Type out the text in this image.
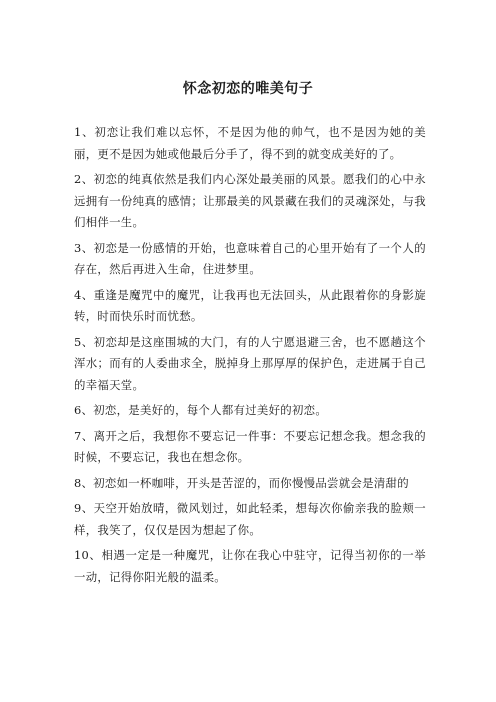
怀念初恋的唯美句子

1、初恋让我们难以忘怀，不是因为他的帅气，也不是因为她的美丽，更不是因为她或他最后分手了，得不到的就变成美好的了。

2、初恋的纯真依然是我们内心深处最美丽的风景。愿我们的心中永远拥有一份纯真的感情；让那最美的风景藏在我们的灵魂深处，与我们相伴一生。

3、初恋是一份感情的开始，也意味着自己的心里开始有了一个人的存在，然后再进入生命，住进梦里。

4、重逢是魔咒中的魔咒，让我再也无法回头，从此跟着你的身影旋转，时而快乐时而忧愁。

5、初恋却是这座围城的大门，有的人宁愿退避三舍，也不愿趟这个浑水；而有的人委曲求全，脱掉身上那厚厚的保护色，走进属于自己的幸福天堂。

6、初恋，是美好的，每个人都有过美好的初恋。

7、离开之后，我想你不要忘记一件事：不要忘记想念我。想念我的时候，不要忘记，我也在想念你。

8、初恋如一杯咖啡，开头是苦涩的，而你慢慢品尝就会是清甜的

9、天空开始放晴，微风划过，如此轻柔，想每次你偷亲我的脸颊一样，我笑了，仅仅是因为想起了你。

10、相遇一定是一种魔咒，让你在我心中驻守，记得当初你的一举一动，记得你阳光般的温柔。
